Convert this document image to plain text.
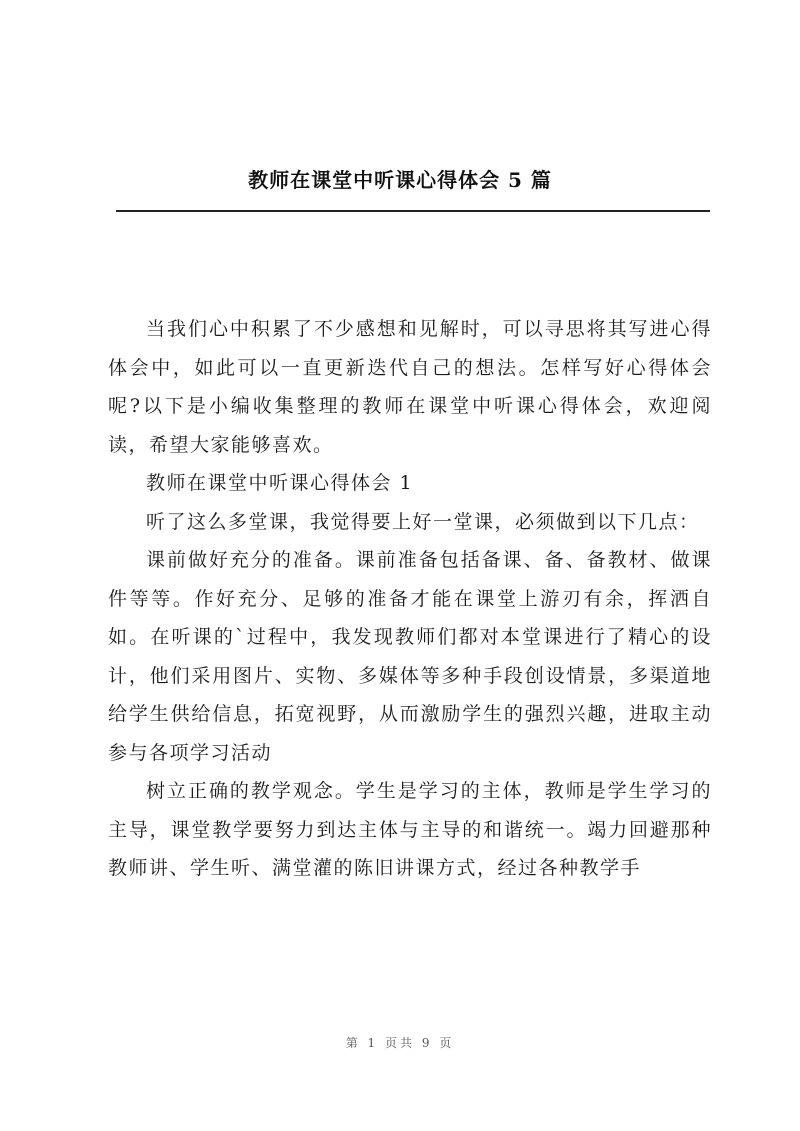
教师在课堂中听课心得体会 5 篇

当我们心中积累了不少感想和见解时，可以寻思将其写进心得体会中，如此可以一直更新迭代自己的想法。怎样写好心得体会呢?以下是小编收集整理的教师在课堂中听课心得体会，欢迎阅读，希望大家能够喜欢。

教师在课堂中听课心得体会 1

听了这么多堂课，我觉得要上好一堂课，必须做到以下几点：

课前做好充分的准备。课前准备包括备课、备、备教材、做课件等等。作好充分、足够的准备才能在课堂上游刃有余，挥洒自如。在听课的`过程中，我发现教师们都对本堂课进行了精心的设计，他们采用图片、实物、多媒体等多种手段创设情景，多渠道地给学生供给信息，拓宽视野，从而激励学生的强烈兴趣，进取主动参与各项学习活动

树立正确的教学观念。学生是学习的主体，教师是学生学习的主导，课堂教学要努力到达主体与主导的和谐统一。竭力回避那种教师讲、学生听、满堂灌的陈旧讲课方式，经过各种教学手

第 1 页共 9 页
